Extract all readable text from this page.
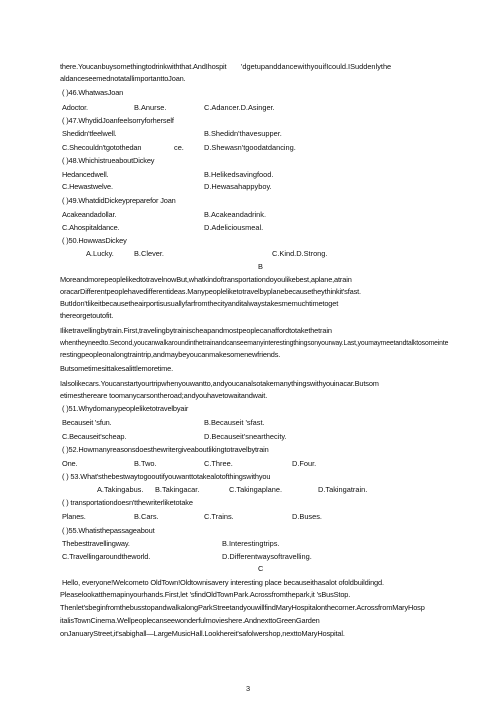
there.Youcanbuysomethingtodrinkwiththat.AndIhospit 'dgetupanddancewithyouifIcould.ISuddenlythe
aldanceseemednotatallimportanttoJoan.
( )46.WhatwasJoan
Adoctor.	B.Anurse.	C.Adancer.D.Asinger.
( )47.WhydidJoanfeelsorryforherself
Shedidn'tfeelwell.	B.Shedidn'thavesupper.
C.Shecouldn'tgotothedan	ce.	D.Shewasn'tgoodatdancing.
( )48.WhichistrueaboutDickey
Hedancedwell.	B.Helikedsavingfood.
C.Hewastwelve.	D.Hewasahappyboy.
( )49.WhatdidDickeypreparefor Joan
Acakeandadollar.	B.Acakeandadrink.
C.Ahospitaldance.	D.Adeliciousmeal.
( )50.HowwasDickey
A.Lucky.	B.Clever.	C.Kind.D.Strong.
B
MoreandmorepeoplelikedtotravelnowBut,whatkindoftransportationdoyoulikebest,aplane,atrain
oracarDifferentpeoplehavedifferentideas.Manypeopleliketotravelbyplanebecausetheythinkit'sfast.
ButIdon'tlikeitbecausetheairportisusuallyfarfromthecityanditalwaystakesmemuchtimetoget
thereorgetoutofit.
Iliketravellingbytrain.First,travelingbytrainischeapandmostpeoplecanaffordtotakethetrain
whentheyneedto.Second,youcanwalkaroundinthetrainandcanseemanyinterestingthingsonyourway.Last,youmaymeetandtalktosomeinte
restingpeopleonalongtraintrip,andmaybeyoucanmakesomenewfriends.
Butsometimesittakesalittlemoretime.
Ialsolikecars.Youcanstartyourtripwhenyouwantto,andyoucanalsotakemanythingswithyouinacar.Butsom
etimesthereare toomanycarsontheroad;andyouhavetowaitandwait.
( )51.Whydomanypeopleliketotravelbyair
Becauseit 'sfun.	B.Becauseit 'sfast.
C.Becauseit'scheap.	D.Becauseit'snearthecity.
( )52.Howmanyreasonsdoesthewritergiveaboutlikingtotravelbytrain
One.	B.Two.	C.Three.	D.Four.
( ) 53.What'sthebestwaytogooutifyouwanttotakealotofthingswithyou
A.Takingabus. B.Takingacar.	C.Takingaplane.	D.Takingatrain.
( ) transportationdoesn'tthewriterliketotake
Planes.	B.Cars.	C.Trains.	D.Buses.
( )55.Whatisthepassageabout
Thebesttravellingway.	B.Interestingtrips.
C.Travellingaroundtheworld.	D.Differentwaysoftravelling.
C
Hello, everyone!Welcometo OldTown!Oldtownisavery interesting place becauseithasalot ofoldbuildingd.
Pleaselookatthemapinyourhands.First,let 'sfindOldTownPark.Acrossfromthepark,it 'sBusStop.
Thenlet'sbeginfromthebusstopandwalkalongParkStreetandyouwillfindMaryHospitalonthecorner.AcrossfromMaryHosp
italisTownCinema.Wellpeoplecanseewonderfulmovieshere.AndnexttoGreenGarden
onJanuaryStreet,it'sabighall—LargeMusicHall.Lookhereit'safolwershop,nexttoMaryHospital.
3
